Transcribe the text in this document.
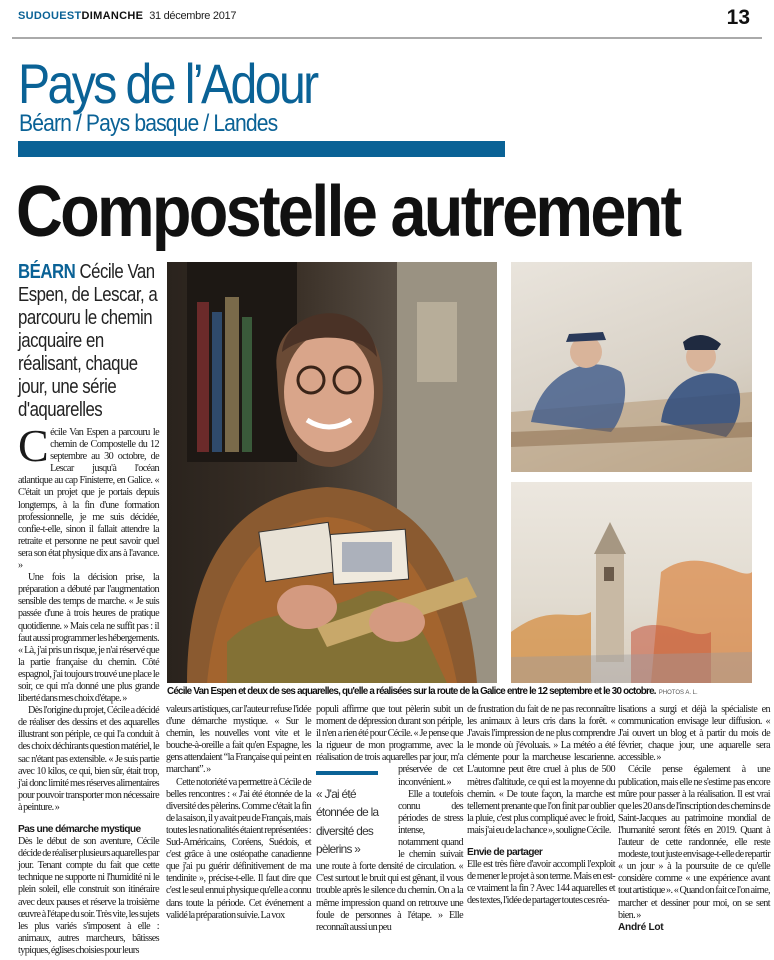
SUDOUESTDIMANCHE 31 décembre 2017	13
Pays de l’Adour
Béarn / Pays basque / Landes
Compostelle autrement
BÉARN Cécile Van Espen, de Lescar, a parcouru le chemin jacquaire en réalisant, chaque jour, une série d'aquarelles

Cécile Van Espen a parcouru le chemin de Compostelle du 12 septembre au 30 octobre, de Lescar jusqu'à l'océan atlantique au cap Finisterre, en Galice. « C'était un projet que je portais depuis longtemps, à la fin d'une formation professionnelle, je me suis décidée, confie-t-elle, sinon il fallait attendre la retraite et personne ne peut savoir quel sera son état physique dix ans à l'avance. »

Une fois la décision prise, la préparation a débuté par l'augmentation sensible des temps de marche. « Je suis passée d'une à trois heures de pratique quotidienne. » Mais cela ne suffit pas : il faut aussi programmer les hébergements. « Là, j'ai pris un risque, je n'ai réservé que la partie française du chemin. Côté espagnol, j'ai toujours trouvé une place le soir, ce qui m'a donné une plus grande liberté dans mes choix d'étape. »

Dès l'origine du projet, Cécile a décidé de réaliser des dessins et des aquarelles illustrant son périple, ce qui l'a conduit à des choix déchirants question matériel, le sac n'étant pas extensible. « Je suis partie avec 10 kilos, ce qui, bien sûr, était trop, j'ai donc limité mes réserves alimentaires pour pouvoir transporter mon nécessaire à peinture. »

Pas une démarche mystique

Dès le début de son aventure, Cécile décide de réaliser plusieurs aquarelles par jour. Tenant compte du fait que cette technique ne supporte ni l'humidité ni le plein soleil, elle construit son itinéraire avec deux pauses et réserve la troisième œuvre à l'étape du soir. Très vite, les sujets les plus variés s'imposent à elle : animaux, autres marcheurs, bâtisses typiques, églises choisies pour leurs

Cécile Van Espen et deux de ses aquarelles, qu'elle a réalisées sur la route de la Galice entre le 12 septembre et le 30 octobre. PHOTOS A. L.

valeurs artistiques, car l'auteur refuse l'idée d'une démarche mystique. « Sur le chemin, les nouvelles vont vite et le bouche-à-oreille a fait qu'en Espagne, les gens attendaient “la Française qui peint en marchant”. »

Cette notoriété va permettre à Cécile de belles rencontres : « J'ai été étonnée de la diversité des pèlerins. Comme c'était la fin de la saison, il y avait peu de Français, mais toutes les nationalités étaient représentées : Sud-Américains, Coréens, Suédois, et c'est grâce à une ostéopathe canadienne que j'ai pu guérir définitivement de ma tendinite », précise-t-elle. Il faut dire que c'est le seul ennui physique qu'elle a connu dans toute la période. Cet événement a validé la préparation suivie. La vox

« J'ai été étonnée de la diversité des pèlerins »

populi affirme que tout pèlerin subit un moment de dépression durant son périple, il n'en a rien été pour Cécile. « Je pense que la rigueur de mon programme, avec la réalisation de trois aquarelles par jour, m'a préservée de cet inconvénient. »

Elle a toutefois connu des périodes de stress intense, notamment quand le chemin suivait une route à forte densité de circulation. « C'est surtout le bruit qui est gênant, il vous trouble après le silence du chemin. On a la même impression quand on retrouve une foule de personnes à l'étape. » Elle reconnaît aussi un peu

de frustration du fait de ne pas reconnaître les animaux à leurs cris dans la forêt. « J'avais l'impression de ne plus comprendre le monde où j'évoluais. » La météo a été clémente pour la marcheuse lescarienne. L'automne peut être cruel à plus de 500 mètres d'altitude, ce qui est la moyenne du chemin. « De toute façon, la marche est tellement prenante que l'on finit par oublier la pluie, c'est plus compliqué avec le froid, mais j'ai eu de la chance », souligne Cécile.

Envie de partager

Elle est très fière d'avoir accompli l'exploit de mener le projet à son terme. Mais en est-ce vraiment la fin ? Avec 144 aquarelles et des textes, l'idée de partager toutes ces réa-

lisations a surgi et déjà la spécialiste en communication envisage leur diffusion. « J'ai ouvert un blog et à partir du mois de février, chaque jour, une aquarelle sera accessible. »

Cécile pense également à une publication, mais elle ne s'estime pas encore mûre pour passer à la réalisation. Il est vrai que les 20 ans de l'inscription des chemins de Saint-Jacques au patrimoine mondial de l'humanité seront fêtés en 2019. Quant à l'auteur de cette randonnée, elle reste modeste, tout juste envisage-t-elle de repartir « un jour » à la poursuite de ce qu'elle considère comme « une expérience avant tout artistique ». « Quand on fait ce l'on aime, marcher et dessiner pour moi, on se sent bien. »

André Lot
